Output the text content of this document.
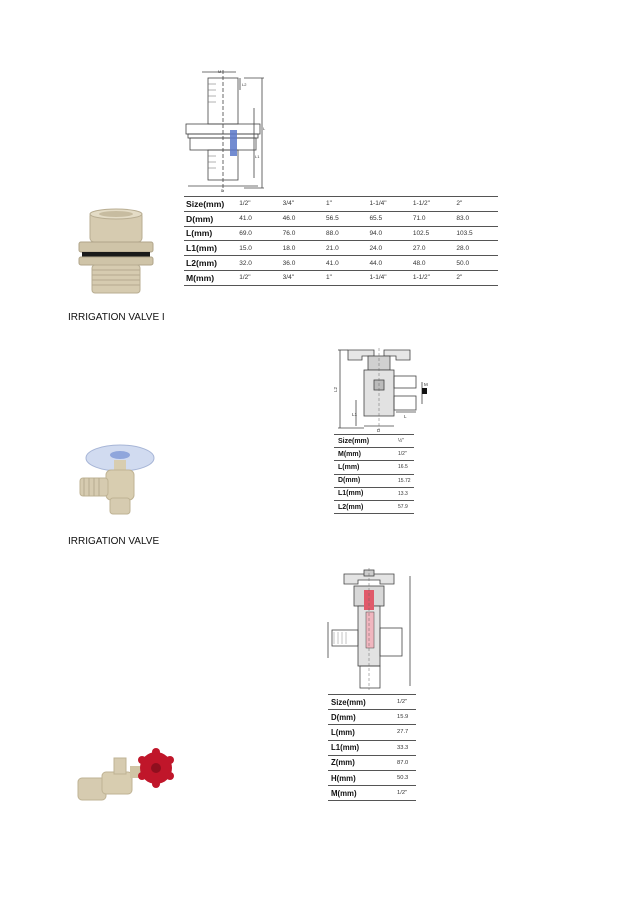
M
L2
L1
L
D
Size(mm)	1/2"	3/4"	1"	1-1/4"	1-1/2"	2"
D(mm)	41.0	46.0	56.5	65.5	71.0	83.0
L(mm)	69.0	76.0	88.0	94.0	102.5	103.5
L1(mm)	15.0	18.0	21.0	24.0	27.0	28.0
L2(mm)	32.0	36.0	41.0	44.0	48.0	50.0
M(mm)	1/2"	3/4"	1"	1-1/4"	1-1/2"	2"
IRRIGATION VALVE I
L2
L1
D
M
L
Size(mm)	½"
M(mm)	1/2"
L(mm)	16.5
D(mm)	15.72
L1(mm)	13.3
L2(mm)	57.9
IRRIGATION VALVE
Size(mm)	1/2"
D(mm)	15.9
L(mm)	27.7
L1(mm)	33.3
Z(mm)	87.0
H(mm)	50.3
M(mm)	1/2"
